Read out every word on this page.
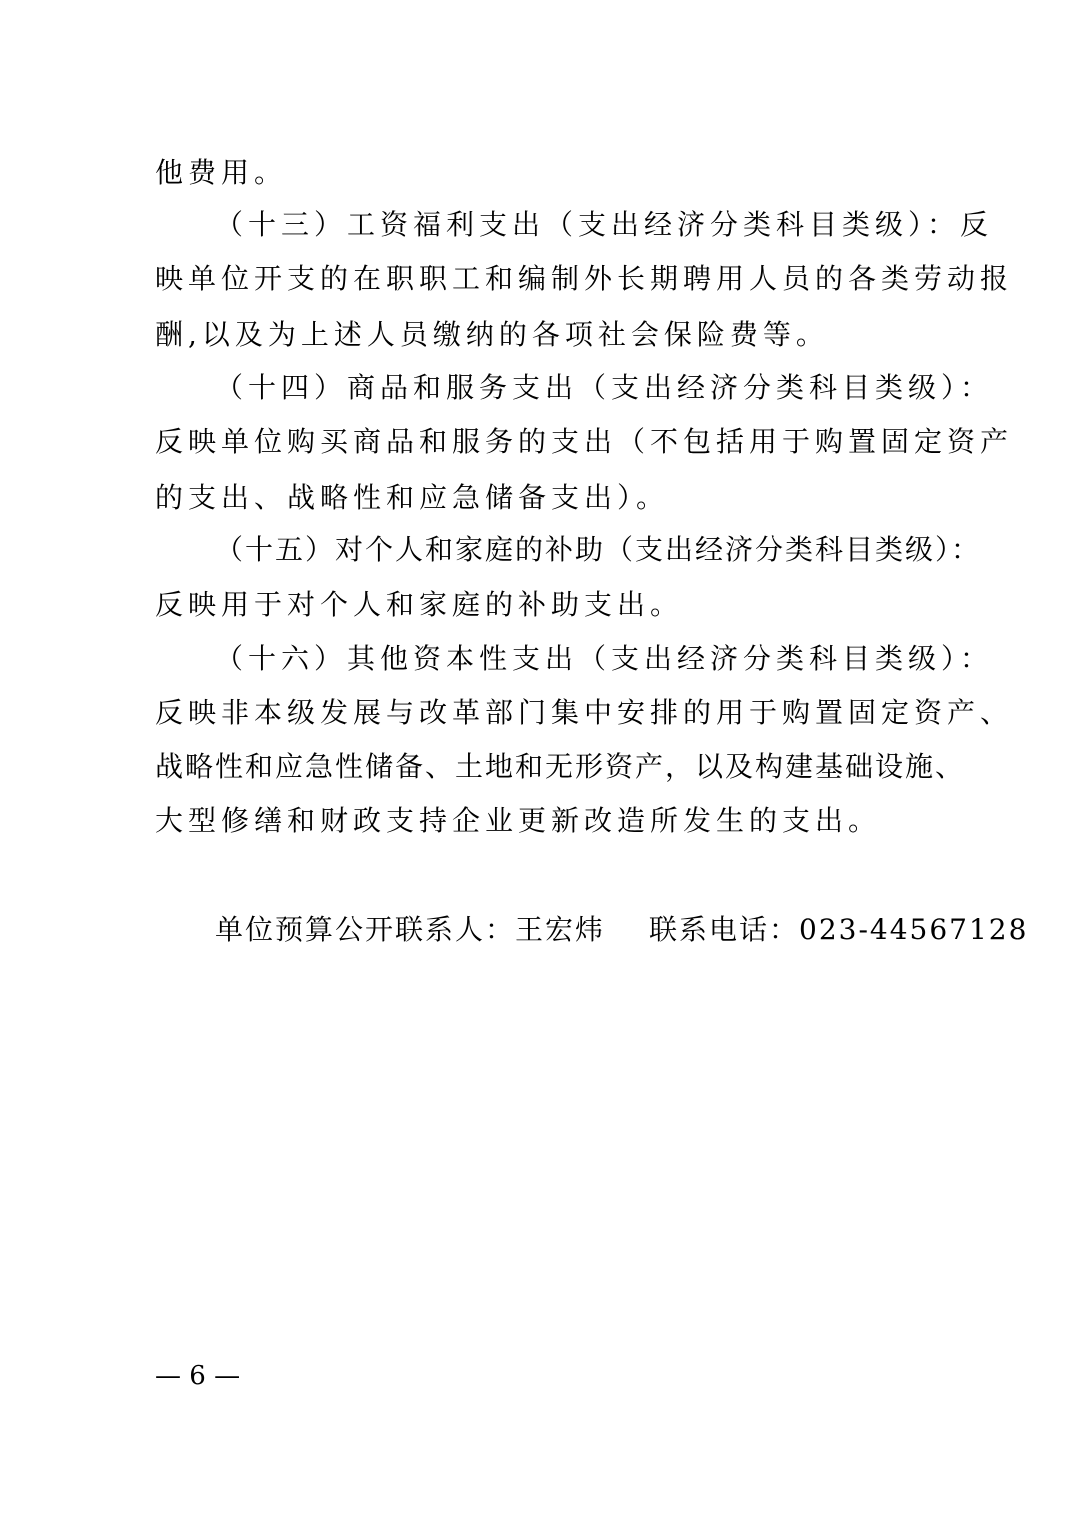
他费用。
（十三）工资福利支出（支出经济分类科目类级）：反
映单位开支的在职职工和编制外长期聘用人员的各类劳动报
酬,以及为上述人员缴纳的各项社会保险费等。
（十四）商品和服务支出（支出经济分类科目类级）：
反映单位购买商品和服务的支出（不包括用于购置固定资产
的支出、战略性和应急储备支出）。
（十五）对个人和家庭的补助（支出经济分类科目类级）：
反映用于对个人和家庭的补助支出。
（十六）其他资本性支出（支出经济分类科目类级）：
反映非本级发展与改革部门集中安排的用于购置固定资产、
战略性和应急性储备、土地和无形资产，以及构建基础设施、
大型修缮和财政支持企业更新改造所发生的支出。
单位预算公开联系人：王宏炜 联系电话：023-44567128
— 6 —
